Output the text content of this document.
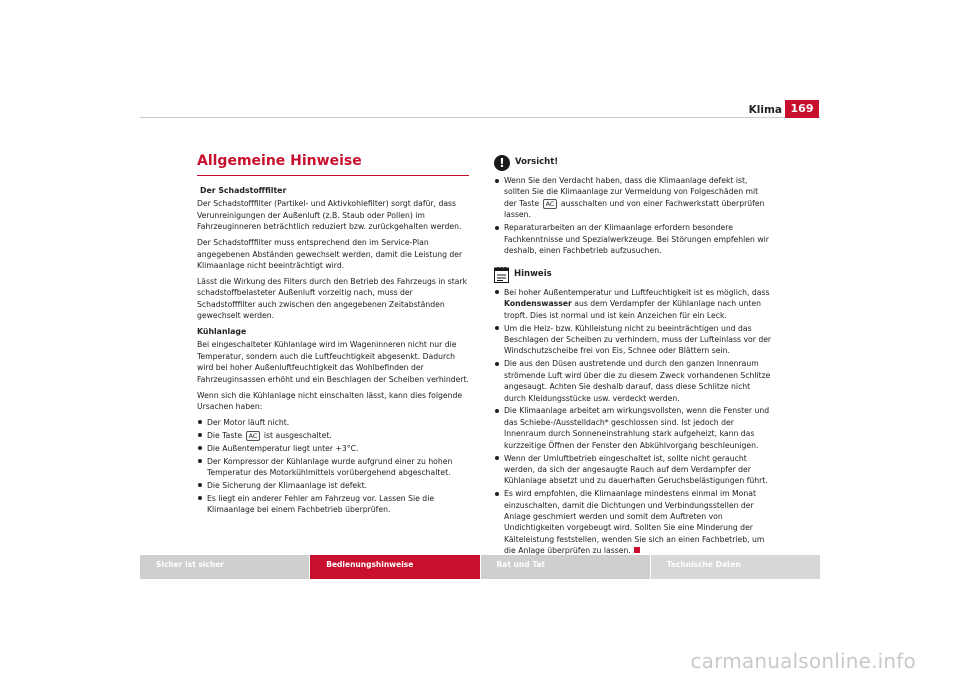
Klima 169
Allgemeine Hinweise
Der Schadstofffilter

Der Schadstofffilter (Partikel- und Aktivkohlefilter) sorgt dafür, dass Verunreinigungen der Außenluft (z.B. Staub oder Pollen) im Fahrzeuginneren beträchtlich reduziert bzw. zurückgehalten werden.

Der Schadstofffilter muss entsprechend den im Service-Plan angegebenen Abständen gewechselt werden, damit die Leistung der Klimaanlage nicht beeinträchtigt wird.

Lässt die Wirkung des Filters durch den Betrieb des Fahrzeugs in stark schadstoffbelasteter Außenluft vorzeitig nach, muss der Schadstofffilter auch zwischen den angegebenen Zeitabständen gewechselt werden.

Kühlanlage

Bei eingeschalteter Kühlanlage wird im Wageninneren nicht nur die Temperatur, sondern auch die Luftfeuchtigkeit abgesenkt. Dadurch wird bei hoher Außenluftfeuchtigkeit das Wohlbefinden der Fahrzeuginsassen erhöht und ein Beschlagen der Scheiben verhindert.

Wenn sich die Kühlanlage nicht einschalten lässt, kann dies folgende Ursachen haben:

Der Motor läuft nicht.
Die Taste AC ist ausgeschaltet.
Die Außentemperatur liegt unter +3°C.
Der Kompressor der Kühlanlage wurde aufgrund einer zu hohen Temperatur des Motorkühlmittels vorübergehend abgeschaltet.
Die Sicherung der Klimaanlage ist defekt.
Es liegt ein anderer Fehler am Fahrzeug vor. Lassen Sie die Klimaanlage bei einem Fachbetrieb überprüfen.
!	Vorsicht!
Wenn Sie den Verdacht haben, dass die Klimaanlage defekt ist, sollten Sie die Klimaanlage zur Vermeidung von Folgeschäden mit der Taste AC ausschalten und von einer Fachwerkstatt überprüfen lassen.
Reparaturarbeiten an der Klimaanlage erfordern besondere Fachkenntnisse und Spezialwerkzeuge. Bei Störungen empfehlen wir deshalb, einen Fachbetrieb aufzusuchen.
Hinweis
Bei hoher Außentemperatur und Luftfeuchtigkeit ist es möglich, dass Kondenswasser aus dem Verdampfer der Kühlanlage nach unten tropft. Dies ist normal und ist kein Anzeichen für ein Leck.
Um die Heiz- bzw. Kühlleistung nicht zu beeinträchtigen und das Beschlagen der Scheiben zu verhindern, muss der Lufteinlass vor der Windschutzscheibe frei von Eis, Schnee oder Blättern sein.
Die aus den Düsen austretende und durch den ganzen Innenraum strömende Luft wird über die zu diesem Zweck vorhandenen Schlitze angesaugt. Achten Sie deshalb darauf, dass diese Schlitze nicht durch Kleidungsstücke usw. verdeckt werden.
Die Klimaanlage arbeitet am wirkungsvollsten, wenn die Fenster und das Schiebe-/Ausstelldach* geschlossen sind. Ist jedoch der Innenraum durch Sonneneinstrahlung stark aufgeheizt, kann das kurzzeitige Öffnen der Fenster den Abkühlvorgang beschleunigen.
Wenn der Umluftbetrieb eingeschaltet ist, sollte nicht geraucht werden, da sich der angesaugte Rauch auf dem Verdampfer der Kühlanlage absetzt und zu dauerhaften Geruchsbelästigungen führt.
Es wird empfohlen, die Klimaanlage mindestens einmal im Monat einzuschalten, damit die Dichtungen und Verbindungsstellen der Anlage geschmiert werden und somit dem Auftreten von Undichtigkeiten vorgebeugt wird. Sollten Sie eine Minderung der Kälteleistung feststellen, wenden Sie sich an einen Fachbetrieb, um die Anlage überprüfen zu lassen.
Sicher ist sicher	Bedienungshinweise	Rat und Tat	Technische Daten
carmanualsonline.info
